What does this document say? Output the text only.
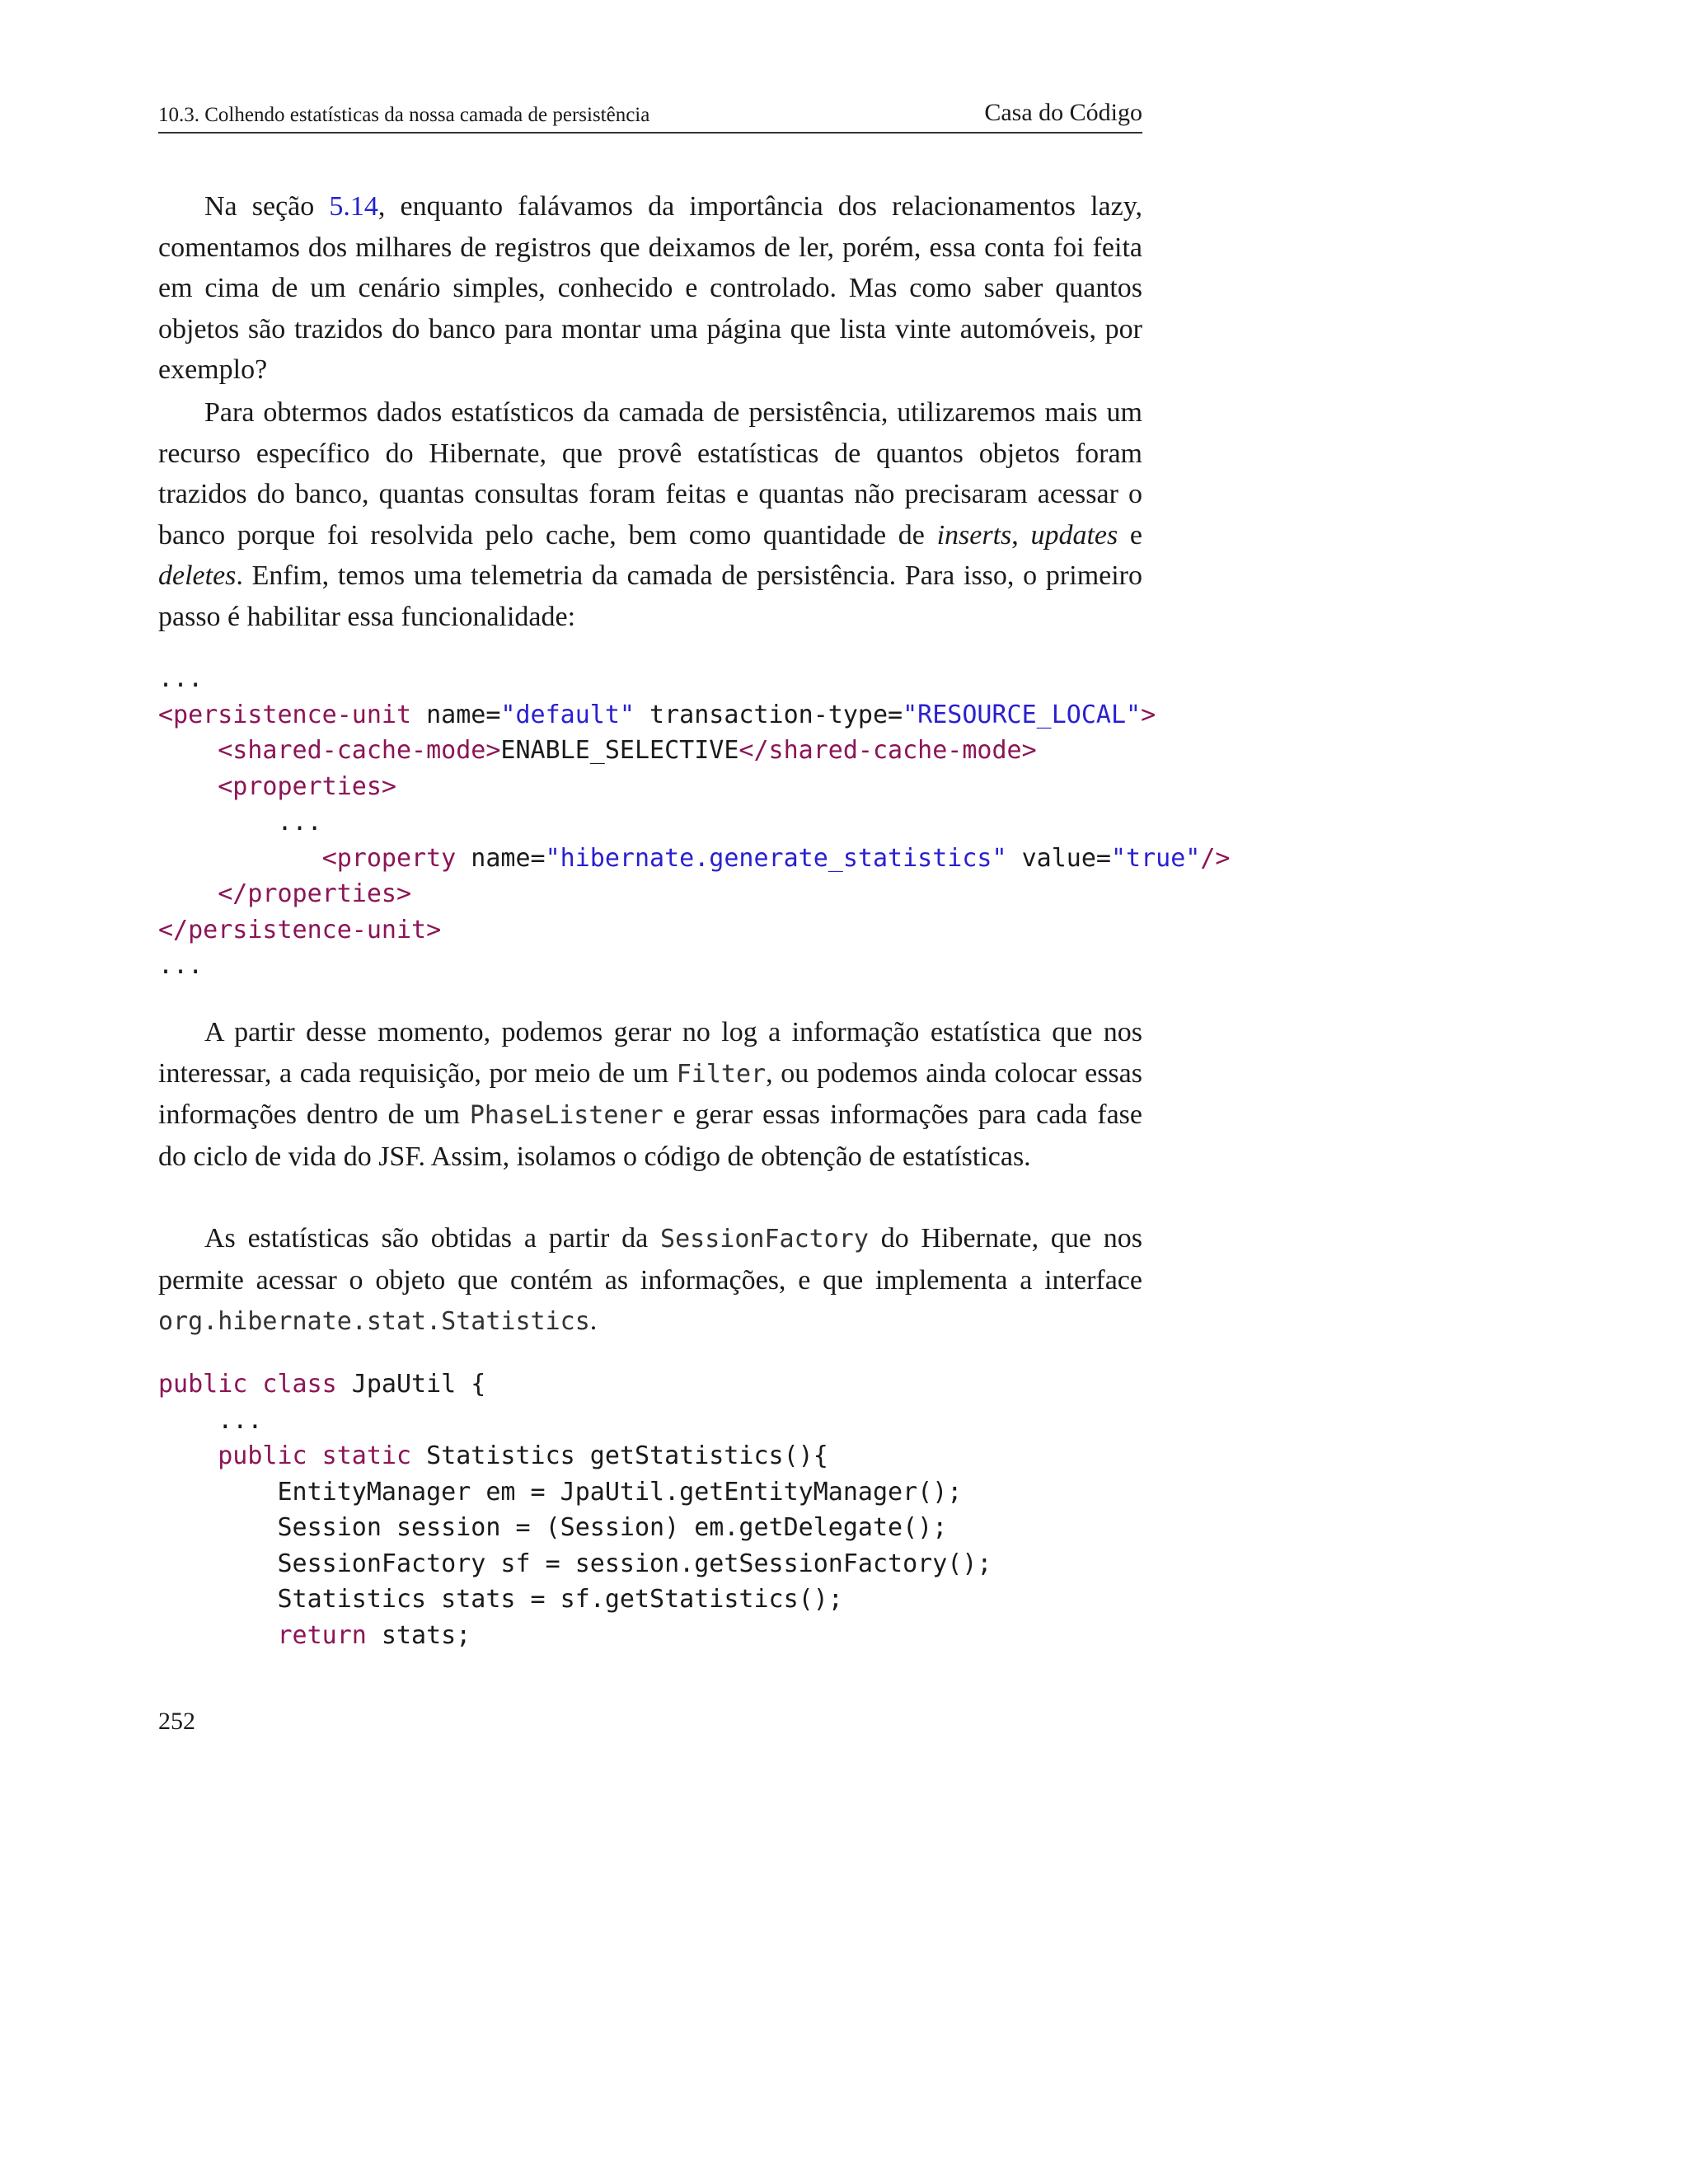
10.3. Colhendo estatísticas da nossa camada de persistência	Casa do Código

Na seção 5.14, enquanto falávamos da importância dos relacionamentos lazy, comentamos dos milhares de registros que deixamos de ler, porém, essa conta foi feita em cima de um cenário simples, conhecido e controlado. Mas como saber quantos objetos são trazidos do banco para montar uma página que lista vinte automóveis, por exemplo?

Para obtermos dados estatísticos da camada de persistência, utilizaremos mais um recurso específico do Hibernate, que provê estatísticas de quantos objetos foram trazidos do banco, quantas consultas foram feitas e quantas não precisaram acessar o banco porque foi resolvida pelo cache, bem como quantidade de inserts, updates e deletes. Enfim, temos uma telemetria da camada de persistência. Para isso, o primeiro passo é habilitar essa funcionalidade:

...
<persistence-unit name="default" transaction-type="RESOURCE_LOCAL">
<shared-cache-mode>ENABLE_SELECTIVE</shared-cache-mode>
<properties>
...
<property name="hibernate.generate_statistics" value="true"/>
</properties>
</persistence-unit>
...

A partir desse momento, podemos gerar no log a informação estatística que nos interessar, a cada requisição, por meio de um Filter, ou podemos ainda colocar essas informações dentro de um PhaseListener e gerar essas informações para cada fase do ciclo de vida do JSF. Assim, isolamos o código de obtenção de estatísticas.

As estatísticas são obtidas a partir da SessionFactory do Hibernate, que nos permite acessar o objeto que contém as informações, e que implementa a interface org.hibernate.stat.Statistics.

public class JpaUtil {
...
public static Statistics getStatistics(){
EntityManager em = JpaUtil.getEntityManager();
Session session = (Session) em.getDelegate();
SessionFactory sf = session.getSessionFactory();
Statistics stats = sf.getStatistics();
return stats;
252
